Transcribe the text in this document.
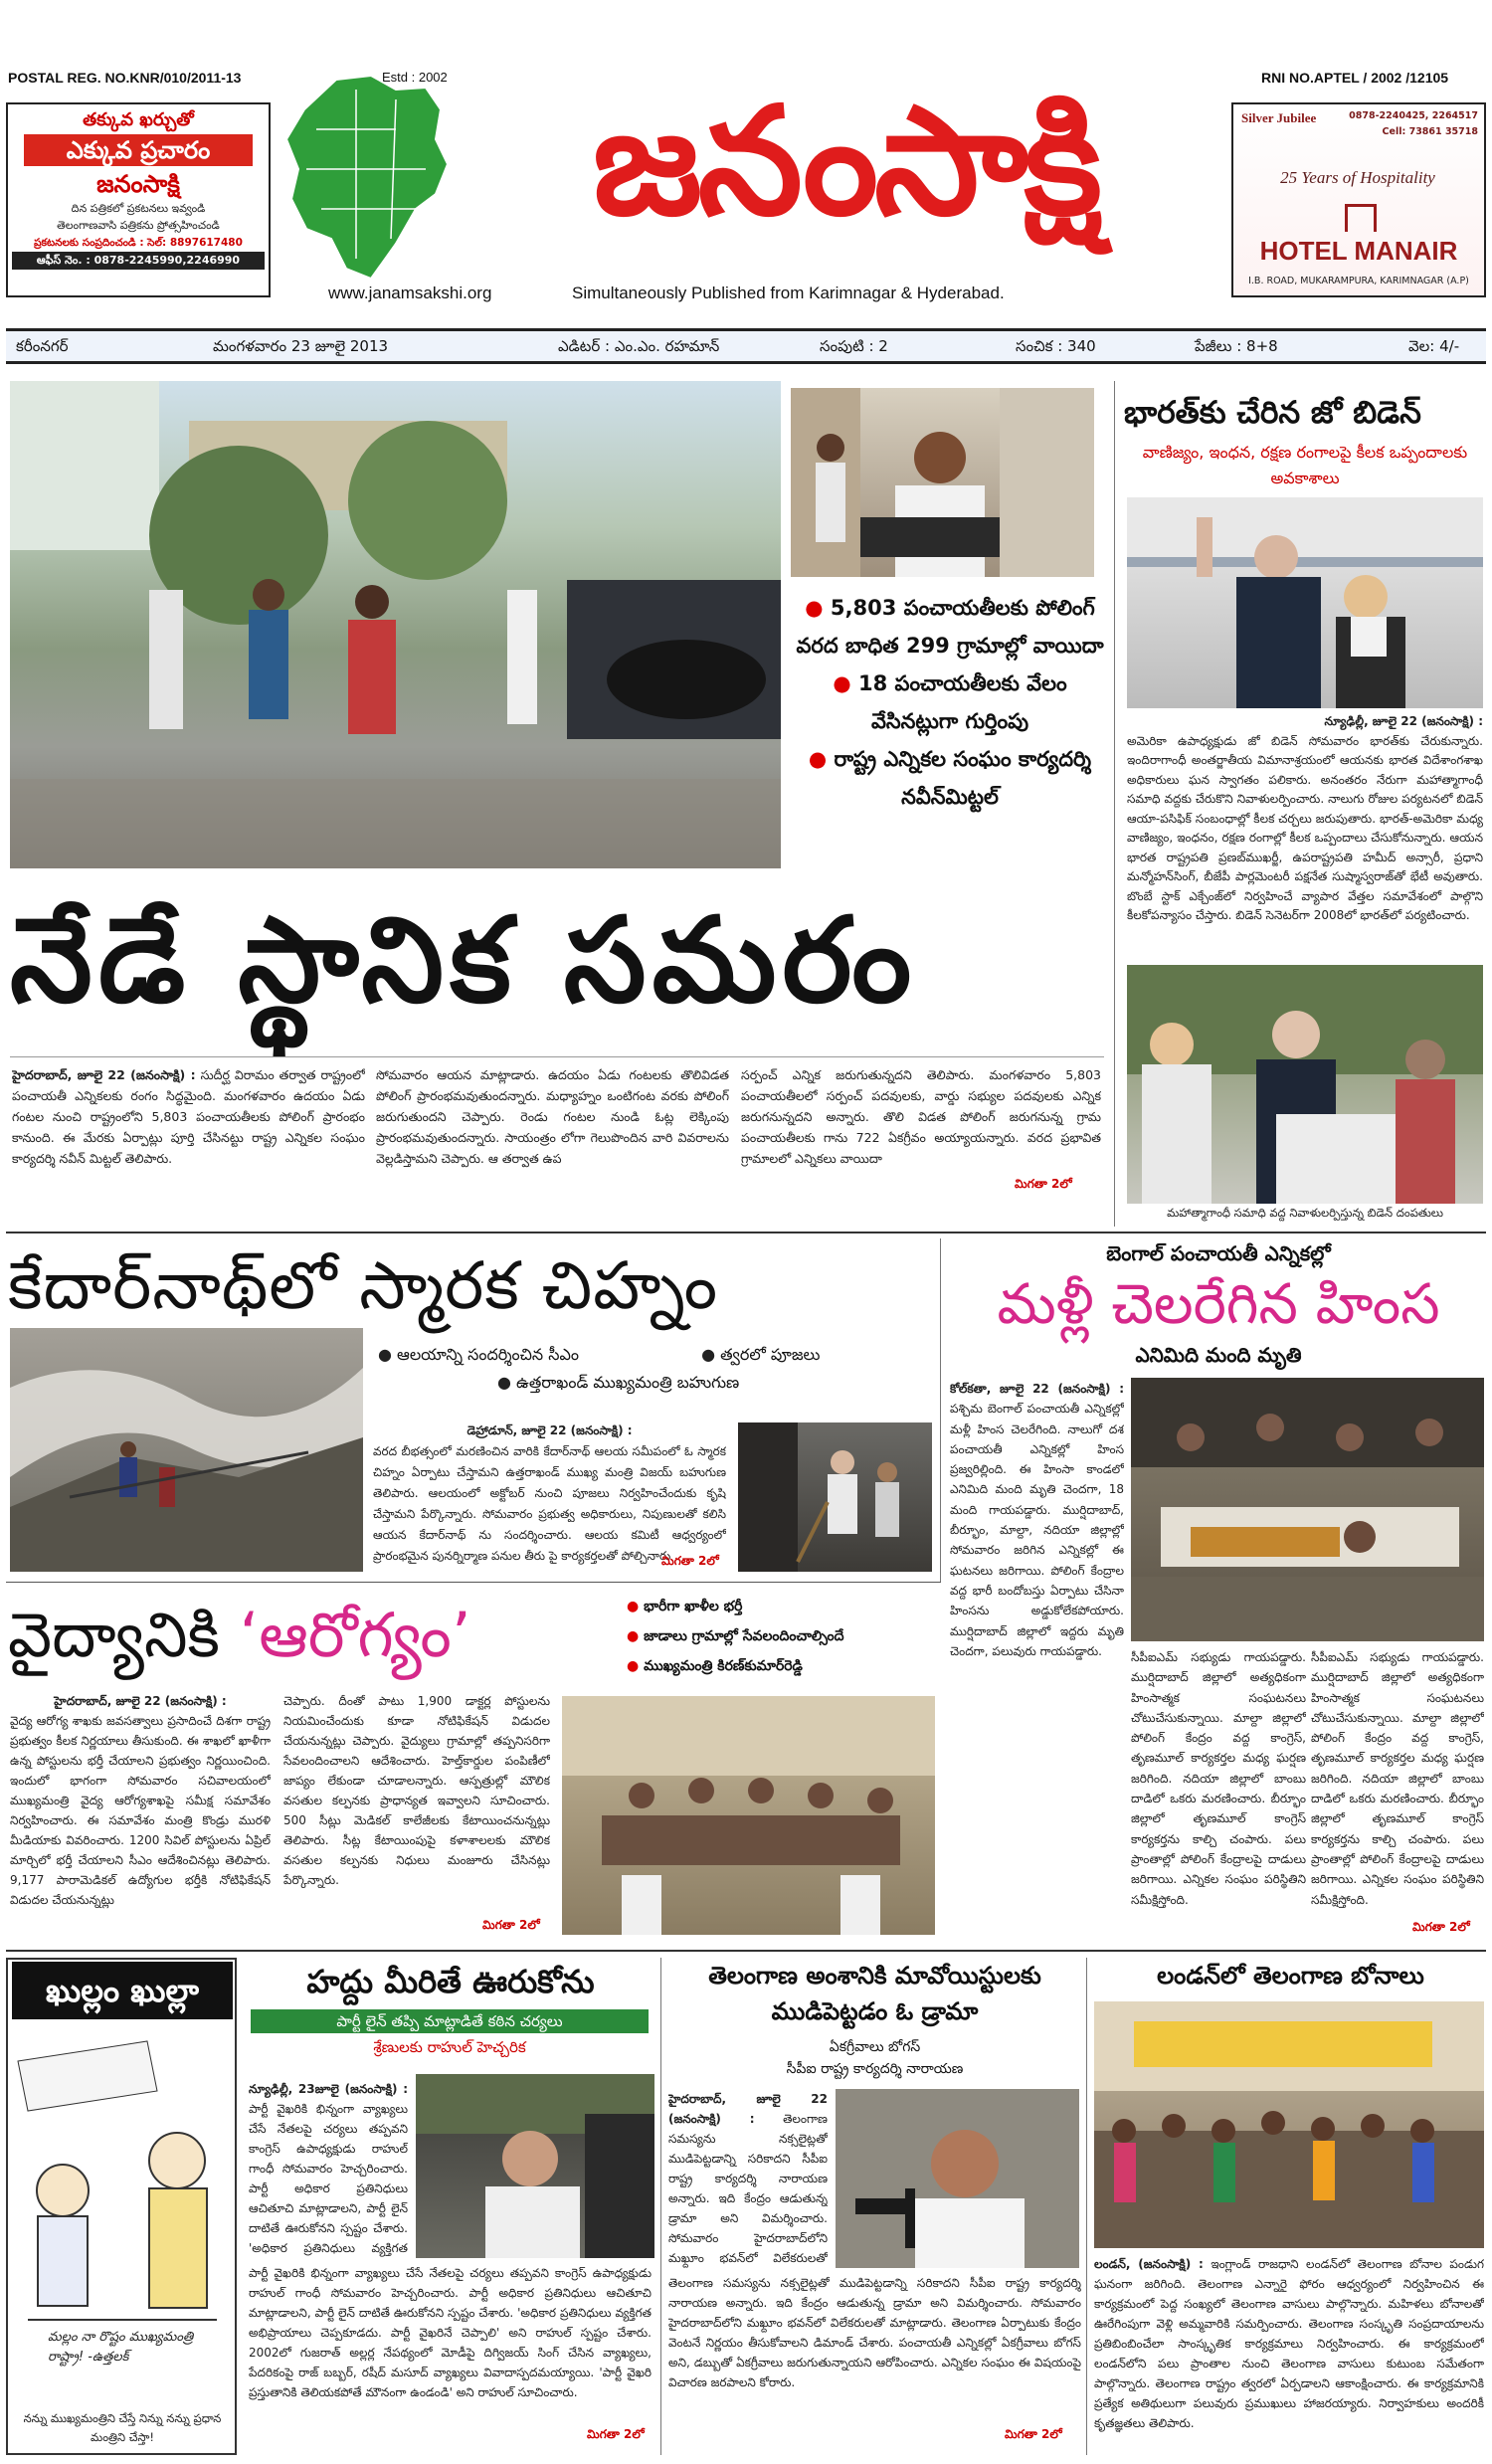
POSTAL REG. NO.KNR/010/2011-13	Estd : 2002	RNI NO.APTEL / 2002 /12105
తక్కువ ఖర్చుతో
ఎక్కువ ప్రచారం
జనంసాక్షి
దిన పత్రికలో ప్రకటనలు ఇవ్వండి
తెలంగాణవాసి పత్రికను ప్రోత్సహించండి
ప్రకటనలకు సంప్రదించండి : సెల్: 8897617480
ఆఫీస్ నెం. : 0878-2245990,2246990
జనంసాక్షి
www.janamsakshi.org	Simultaneously Published from Karimnagar & Hyderabad.
Silver Jubilee	0878-2240425, 2264517
Cell: 73861 35718
25 Years of Hospitality
HOTEL MANAIR
I.B. ROAD, MUKARAMPURA, KARIMNAGAR (A.P)
కరీంనగర్	మంగళవారం 23 జూలై 2013	ఎడిటర్ : ఎం.ఎం. రహమాన్	సంపుటి : 2	సంచిక : 340	పేజీలు : 8+8	వెల: 4/-
● 5,803 పంచాయతీలకు పోలింగ్
వరద బాధిత 299 గ్రామాల్లో వాయిదా
● 18 పంచాయతీలకు వేలం వేసినట్లుగా గుర్తింపు
● రాష్ట్ర ఎన్నికల సంఘం కార్యదర్శి నవీన్‌మిట్టల్
నేడే స్థానిక సమరం

హైదరాబాద్, జూలై 22 (జనంసాక్షి) : సుదీర్ఘ విరామం తర్వాత రాష్ట్రంలో పంచాయతీ ఎన్నికలకు రంగం సిద్ధమైంది. మంగళవారం ఉదయం ఏడు గంటల నుంచి రాష్ట్రంలోని 5,803 పంచాయతీలకు పోలింగ్ ప్రారంభం కానుంది. ఈ మేరకు ఏర్పాట్లు పూర్తి చేసినట్టు రాష్ట్ర ఎన్నికల సంఘం కార్యదర్శి నవీన్ మిట్టల్ తెలిపారు.

సోమవారం ఆయన మాట్లాడారు. ఉదయం ఏడు గంటలకు తొలివిడత పోలింగ్ ప్రారంభమవుతుందన్నారు. మధ్యాహ్నం ఒంటిగంట వరకు పోలింగ్ జరుగుతుందని చెప్పారు. రెండు గంటల నుండి ఓట్ల లెక్కింపు ప్రారంభమవుతుందన్నారు. సాయంత్రం లోగా గెలుపొందిన వారి వివరాలను వెల్లడిస్తామని చెప్పారు. ఆ తర్వాత ఉప

సర్పంచ్ ఎన్నిక జరుగుతున్నదని తెలిపారు. మంగళవారం 5,803 పంచాయతీలలో సర్పంచ్ పదవులకు, వార్డు సభ్యుల పదవులకు ఎన్నిక జరుగనున్నదని అన్నారు. తొలి విడత పోలింగ్ జరుగనున్న గ్రామ పంచాయతీలకు గాను 722 ఏకగ్రీవం అయ్యాయన్నారు. వరద ప్రభావిత గ్రామాలలో ఎన్నికలు వాయిదా

మిగతా 2లో
భారత్‌కు చేరిన జో బిడెన్
వాణిజ్యం, ఇంధన, రక్షణ రంగాలపై కీలక ఒప్పందాలకు అవకాశాలు

న్యూఢిల్లీ, జూలై 22 (జనంసాక్షి) :
అమెరికా ఉపాధ్యక్షుడు జో బిడెన్ సోమవారం భారత్‌కు చేరుకున్నారు. ఇందిరాగాంధీ అంతర్జాతీయ విమానాశ్రయంలో ఆయనకు భారత విదేశాంగశాఖ అధికారులు ఘన స్వాగతం పలికారు. అనంతరం నేరుగా మహాత్మాగాంధీ సమాధి వద్దకు చేరుకొని నివాళులర్పించారు. నాలుగు రోజుల పర్యటనలో బిడెన్ ఆయా-పసిఫిక్ సంబంధాల్లో కీలక చర్చలు జరుపుతారు. భారత్-అమెరికా మధ్య వాణిజ్యం, ఇంధనం, రక్షణ రంగాల్లో కీలక ఒప్పందాలు చేసుకోనున్నారు. ఆయన భారత రాష్ట్రపతి ప్రణబ్‌ముఖర్జీ, ఉపరాష్ట్రపతి హమీద్ అన్సారీ, ప్రధాని మన్మోహన్‌సింగ్, బీజేపీ పార్లమెంటరీ పక్షనేత సుష్మాస్వరాజ్‌తో భేటీ అవుతారు. బొంబే స్టాక్ ఎక్చేంజ్‌లో నిర్వహించే వ్యాపార వేత్తల సమావేశంలో పాల్గొని కీలకోపన్యాసం చేస్తారు. బిడెన్ సెనెటర్‌గా 2008లో భారత్‌లో పర్యటించారు.

మహాత్మాగాంధీ సమాధి వద్ద నివాళులర్పిస్తున్న బిడెన్ దంపతులు
కేదార్‌నాథ్‌లో స్మారక చిహ్నం
● ఆలయాన్ని సందర్శించిన సీఎం	● త్వరలో పూజలు
● ఉత్తరాఖండ్ ముఖ్యమంత్రి బహుగుణ

డెహ్రాడూన్, జూలై 22 (జనంసాక్షి) :
వరద బీభత్సంలో మరణించిన వారికి కేదార్‌నాథ్ ఆలయ సమీపంలో ఓ స్మారక చిహ్నం ఏర్పాటు చేస్తామని ఉత్తరాఖండ్ ముఖ్య మంత్రి విజయ్ బహుగుణ తెలిపారు. ఆలయంలో అక్టోబర్ నుంచి పూజలు నిర్వహించేందుకు కృషి చేస్తామని పేర్కొన్నారు. సోమవారం ప్రభుత్వ అధికారులు, నిపుణులతో కలిసి ఆయన కేదార్‌నాథ్ ను సందర్శించారు. ఆలయ కమిటీ ఆధ్వర్యంలో ప్రారంభమైన పునర్నిర్మాణ పనుల తీరు పై కార్యకర్తలతో పోల్చినారు

మిగతా 2లో
బెంగాల్ పంచాయతీ ఎన్నికల్లో
మళ్లీ చెలరేగిన హింస
ఎనిమిది మంది మృతి

కోల్‌కతా, జూలై 22 (జనంసాక్షి) : పశ్చిమ బెంగాల్ పంచాయతీ ఎన్నికల్లో మళ్లీ హింస చెలరేగింది. నాలుగో దశ పంచాయతీ ఎన్నికల్లో హింస ప్రజ్వరిల్లింది. ఈ హింసా కాండలో ఎనిమిది మంది మృతి చెందగా, 18 మంది గాయపడ్డారు. ముర్షిదాబాద్, బీర్భూం, మాల్దా, నదియా జిల్లాల్లో సోమవారం జరిగిన ఎన్నికల్లో ఈ ఘటనలు జరిగాయి. పోలింగ్ కేంద్రాల వద్ద భారీ బందోబస్తు ఏర్పాటు చేసినా హింసను అడ్డుకోలేకపోయారు. ముర్షిదాబాద్ జిల్లాలో ఇద్దరు మృతి చెందగా, పలువురు గాయపడ్డారు.	సీపీఐఎమ్ సభ్యుడు గాయపడ్డారు. ముర్షిదాబాద్ జిల్లాలో అత్యధికంగా హింసాత్మక సంఘటనలు చోటుచేసుకున్నాయి. మాల్దా జిల్లాలో పోలింగ్ కేంద్రం వద్ద కాంగ్రెస్, తృణమూల్ కార్యకర్తల మధ్య ఘర్షణ జరిగింది. నదియా జిల్లాలో బాంబు దాడిలో ఒకరు మరణించారు. బీర్భూం జిల్లాలో తృణమూల్ కాంగ్రెస్ కార్యకర్తను కాల్చి చంపారు. పలు ప్రాంతాల్లో పోలింగ్ కేంద్రాలపై దాడులు జరిగాయి. ఎన్నికల సంఘం పరిస్థితిని సమీక్షిస్తోంది.

సీపీఐఎమ్ సభ్యుడు గాయపడ్డారు. ముర్షిదాబాద్ జిల్లాలో అత్యధికంగా హింసాత్మక సంఘటనలు చోటుచేసుకున్నాయి. మాల్దా జిల్లాలో పోలింగ్ కేంద్రం వద్ద కాంగ్రెస్, తృణమూల్ కార్యకర్తల మధ్య ఘర్షణ జరిగింది. నదియా జిల్లాలో బాంబు దాడిలో ఒకరు మరణించారు. బీర్భూం జిల్లాలో తృణమూల్ కాంగ్రెస్ కార్యకర్తను కాల్చి చంపారు. పలు ప్రాంతాల్లో పోలింగ్ కేంద్రాలపై దాడులు జరిగాయి. ఎన్నికల సంఘం పరిస్థితిని సమీక్షిస్తోంది.

మిగతా 2లో
వైద్యానికి ‘ఆరోగ్యం’	● భారీగా ఖాళీల భర్తీ
● జాడాలు గ్రామాల్లో సేవలందించాల్సిందే
● ముఖ్యమంత్రి కిరణ్‌కుమార్‌రెడ్డి

హైదరాబాద్, జూలై 22 (జనంసాక్షి) :
వైద్య ఆరోగ్య శాఖకు జవసత్వాలు ప్రసాదించే దిశగా రాష్ట్ర ప్రభుత్వం కీలక నిర్ణయాలు తీసుకుంది. ఈ శాఖలో ఖాళీగా ఉన్న పోస్టులను భర్తీ చేయాలని ప్రభుత్వం నిర్ణయించింది. ఇందులో భాగంగా సోమవారం సచివాలయంలో ముఖ్యమంత్రి వైద్య ఆరోగ్యశాఖపై సమీక్ష సమావేశం నిర్వహించారు. ఈ సమావేశం మంత్రి కొండ్రు మురళి మీడియాకు వివరించారు. 1200 సివిల్ పోస్టులను ఏప్రిల్ మార్చిలో భర్తీ చేయాలని సీఎం ఆదేశించినట్లు తెలిపారు. 9,177 పారామెడికల్ ఉద్యోగుల భర్తీకి నోటిఫికేషన్ విడుదల చేయనున్నట్లు

చెప్పారు. దీంతో పాటు 1,900 డాక్టర్ల పోస్టులను నియమించేందుకు కూడా నోటిఫికేషన్ విడుదల చేయనున్నట్లు చెప్పారు. వైద్యులు గ్రామాల్లో తప్పనిసరిగా సేవలందించాలని ఆదేశించారు. హెల్త్‌కార్డుల పంపిణీలో జాప్యం లేకుండా చూడాలన్నారు. ఆస్పత్రుల్లో మౌలిక వసతుల కల్పనకు ప్రాధాన్యత ఇవ్వాలని సూచించారు. 500 సీట్లు మెడికల్ కాలేజీలకు కేటాయించనున్నట్లు తెలిపారు. సీట్ల కేటాయింపుపై కళాశాలలకు మౌలిక వసతుల కల్పనకు నిధులు మంజూరు చేసినట్లు పేర్కొన్నారు.

మిగతా 2లో
ఖుల్లం ఖుల్లా
మల్లం నా రొష్టం ముఖ్యమంత్రి రాష్ట్రా! -ఉత్తలక్
నన్ను ముఖ్యమంత్రిని చేస్తే నిన్ను నన్ను ప్రధాన మంత్రిని చేస్తా!
హద్దు మీరితే ఊరుకోను
పార్టీ లైన్ తప్పి మాట్లాడితే కఠిన చర్యలు
శ్రేణులకు రాహుల్ హెచ్చరిక

న్యూఢిల్లీ, 23జూలై (జనంసాక్షి) : పార్టీ వైఖరికి భిన్నంగా వ్యాఖ్యలు చేసే నేతలపై చర్యలు తప్పవని కాంగ్రెస్ ఉపాధ్యక్షుడు రాహుల్ గాంధీ సోమవారం హెచ్చరించారు. పార్టీ అధికార ప్రతినిధులు ఆచితూచి మాట్లాడాలని, పార్టీ లైన్ దాటితే ఊరుకోనని స్పష్టం చేశారు. 'అధికార ప్రతినిధులు వ్యక్తిగత

పార్టీ వైఖరికి భిన్నంగా వ్యాఖ్యలు చేసే నేతలపై చర్యలు తప్పవని కాంగ్రెస్ ఉపాధ్యక్షుడు రాహుల్ గాంధీ సోమవారం హెచ్చరించారు. పార్టీ అధికార ప్రతినిధులు ఆచితూచి మాట్లాడాలని, పార్టీ లైన్ దాటితే ఊరుకోనని స్పష్టం చేశారు. 'అధికార ప్రతినిధులు వ్యక్తిగత అభిప్రాయాలు చెప్పకూడదు. పార్టీ వైఖరినే చెప్పాలి' అని రాహుల్ స్పష్టం చేశారు. 2002లో గుజరాత్ అల్లర్ల నేపథ్యంలో మోడీపై దిగ్విజయ్ సింగ్ చేసిన వ్యాఖ్యలు, పేదరికంపై రాజ్ బబ్బర్, రషీద్ మసూద్ వ్యాఖ్యలు వివాదాస్పదమయ్యాయి. 'పార్టీ వైఖరి ప్రస్తుతానికి తెలియకపోతే మౌనంగా ఉండండి' అని రాహుల్ సూచించారు.

మిగతా 2లో
తెలంగాణ అంశానికి మావోయిస్టులకు ముడిపెట్టడం ఓ డ్రామా
ఏకగ్రీవాలు బోగస్
సీపీఐ రాష్ట్ర కార్యదర్శి నారాయణ

హైదరాబాద్, జూలై 22 (జనంసాక్షి) : తెలంగాణ సమస్యను నక్సలైట్లతో ముడిపెట్టడాన్ని సరికాదని సీపీఐ రాష్ట్ర కార్యదర్శి నారాయణ అన్నారు. ఇది కేంద్రం ఆడుతున్న డ్రామా అని విమర్శించారు. సోమవారం హైదరాబాద్‌లోని మఖ్దూం భవన్‌లో విలేకరులతో

తెలంగాణ సమస్యను నక్సలైట్లతో ముడిపెట్టడాన్ని సరికాదని సీపీఐ రాష్ట్ర కార్యదర్శి నారాయణ అన్నారు. ఇది కేంద్రం ఆడుతున్న డ్రామా అని విమర్శించారు. సోమవారం హైదరాబాద్‌లోని మఖ్దూం భవన్‌లో విలేకరులతో మాట్లాడారు. తెలంగాణ ఏర్పాటుకు కేంద్రం వెంటనే నిర్ణయం తీసుకోవాలని డిమాండ్ చేశారు. పంచాయతీ ఎన్నికల్లో ఏకగ్రీవాలు బోగస్ అని, డబ్బుతో ఏకగ్రీవాలు జరుగుతున్నాయని ఆరోపించారు. ఎన్నికల సంఘం ఈ విషయంపై విచారణ జరపాలని కోరారు.

మిగతా 2లో
లండన్‌లో తెలంగాణ బోనాలు

లండన్, (జనంసాక్షి) : ఇంగ్లాండ్ రాజధాని లండన్‌లో తెలంగాణ బోనాల పండుగ ఘనంగా జరిగింది. తెలంగాణ ఎన్నారై ఫోరం ఆధ్వర్యంలో నిర్వహించిన ఈ కార్యక్రమంలో పెద్ద సంఖ్యలో తెలంగాణ వాసులు పాల్గొన్నారు. మహిళలు బోనాలతో ఊరేగింపుగా వెళ్లి అమ్మవారికి సమర్పించారు. తెలంగాణ సంస్కృతి సంప్రదాయాలను ప్రతిబింబించేలా సాంస్కృతిక కార్యక్రమాలు నిర్వహించారు. ఈ కార్యక్రమంలో లండన్‌లోని పలు ప్రాంతాల నుంచి తెలంగాణ వాసులు కుటుంబ సమేతంగా పాల్గొన్నారు. తెలంగాణ రాష్ట్రం త్వరలో ఏర్పడాలని ఆకాంక్షించారు. ఈ కార్యక్రమానికి ప్రత్యేక అతిథులుగా పలువురు ప్రముఖులు హాజరయ్యారు. నిర్వాహకులు అందరికీ కృతజ్ఞతలు తెలిపారు.
